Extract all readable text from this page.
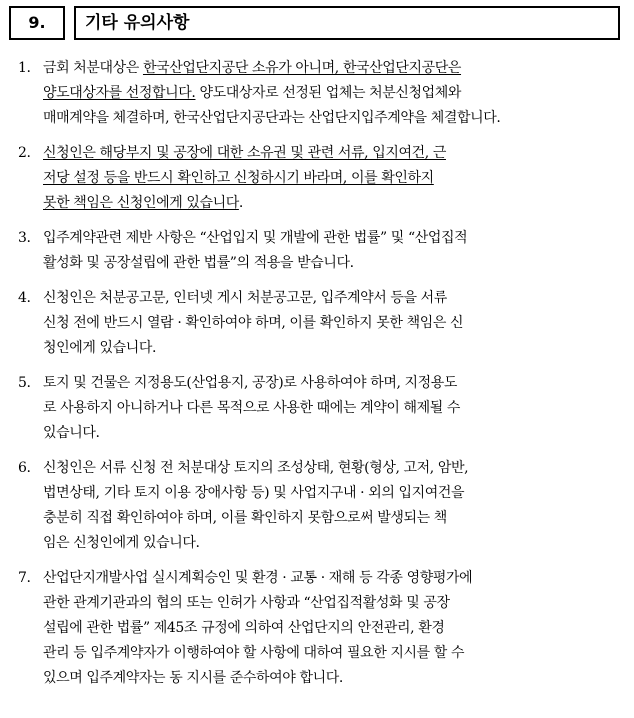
9.	기타 유의사항
1. 금회 처분대상은 한국산업단지공단 소유가 아니며, 한국산업단지공단은
양도대상자를 선정합니다. 양도대상자로 선정된 업체는 처분신청업체와
매매계약을 체결하며, 한국산업단지공단과는 산업단지입주계약을 체결합니다.
2. 신청인은 해당부지 및 공장에 대한 소유권 및 관련 서류, 입지여건, 근
저당 설정 등을 반드시 확인하고 신청하시기 바라며, 이를 확인하지
못한 책임은 신청인에게 있습니다.
3. 입주계약관련 제반 사항은 “산업입지 및 개발에 관한 법률” 및 “산업집적
활성화 및 공장설립에 관한 법률”의 적용을 받습니다.
4. 신청인은 처분공고문, 인터넷 게시 처분공고문, 입주계약서 등을 서류
신청 전에 반드시 열람 · 확인하여야 하며, 이를 확인하지 못한 책임은 신
청인에게 있습니다.
5. 토지 및 건물은 지정용도(산업용지, 공장)로 사용하여야 하며, 지정용도
로 사용하지 아니하거나 다른 목적으로 사용한 때에는 계약이 해제될 수
있습니다.
6. 신청인은 서류 신청 전 처분대상 토지의 조성상태, 현황(형상, 고저, 암반,
법면상태, 기타 토지 이용 장애사항 등) 및 사업지구내 · 외의 입지여건을
충분히 직접 확인하여야 하며, 이를 확인하지 못함으로써 발생되는 책
임은 신청인에게 있습니다.
7. 산업단지개발사업 실시계획승인 및 환경 · 교통 · 재해 등 각종 영향평가에
관한 관계기관과의 협의 또는 인허가 사항과 “산업집적활성화 및 공장
설립에 관한 법률” 제45조 규정에 의하여 산업단지의 안전관리, 환경
관리 등 입주계약자가 이행하여야 할 사항에 대하여 필요한 지시를 할 수
있으며 입주계약자는 동 지시를 준수하여야 합니다.
